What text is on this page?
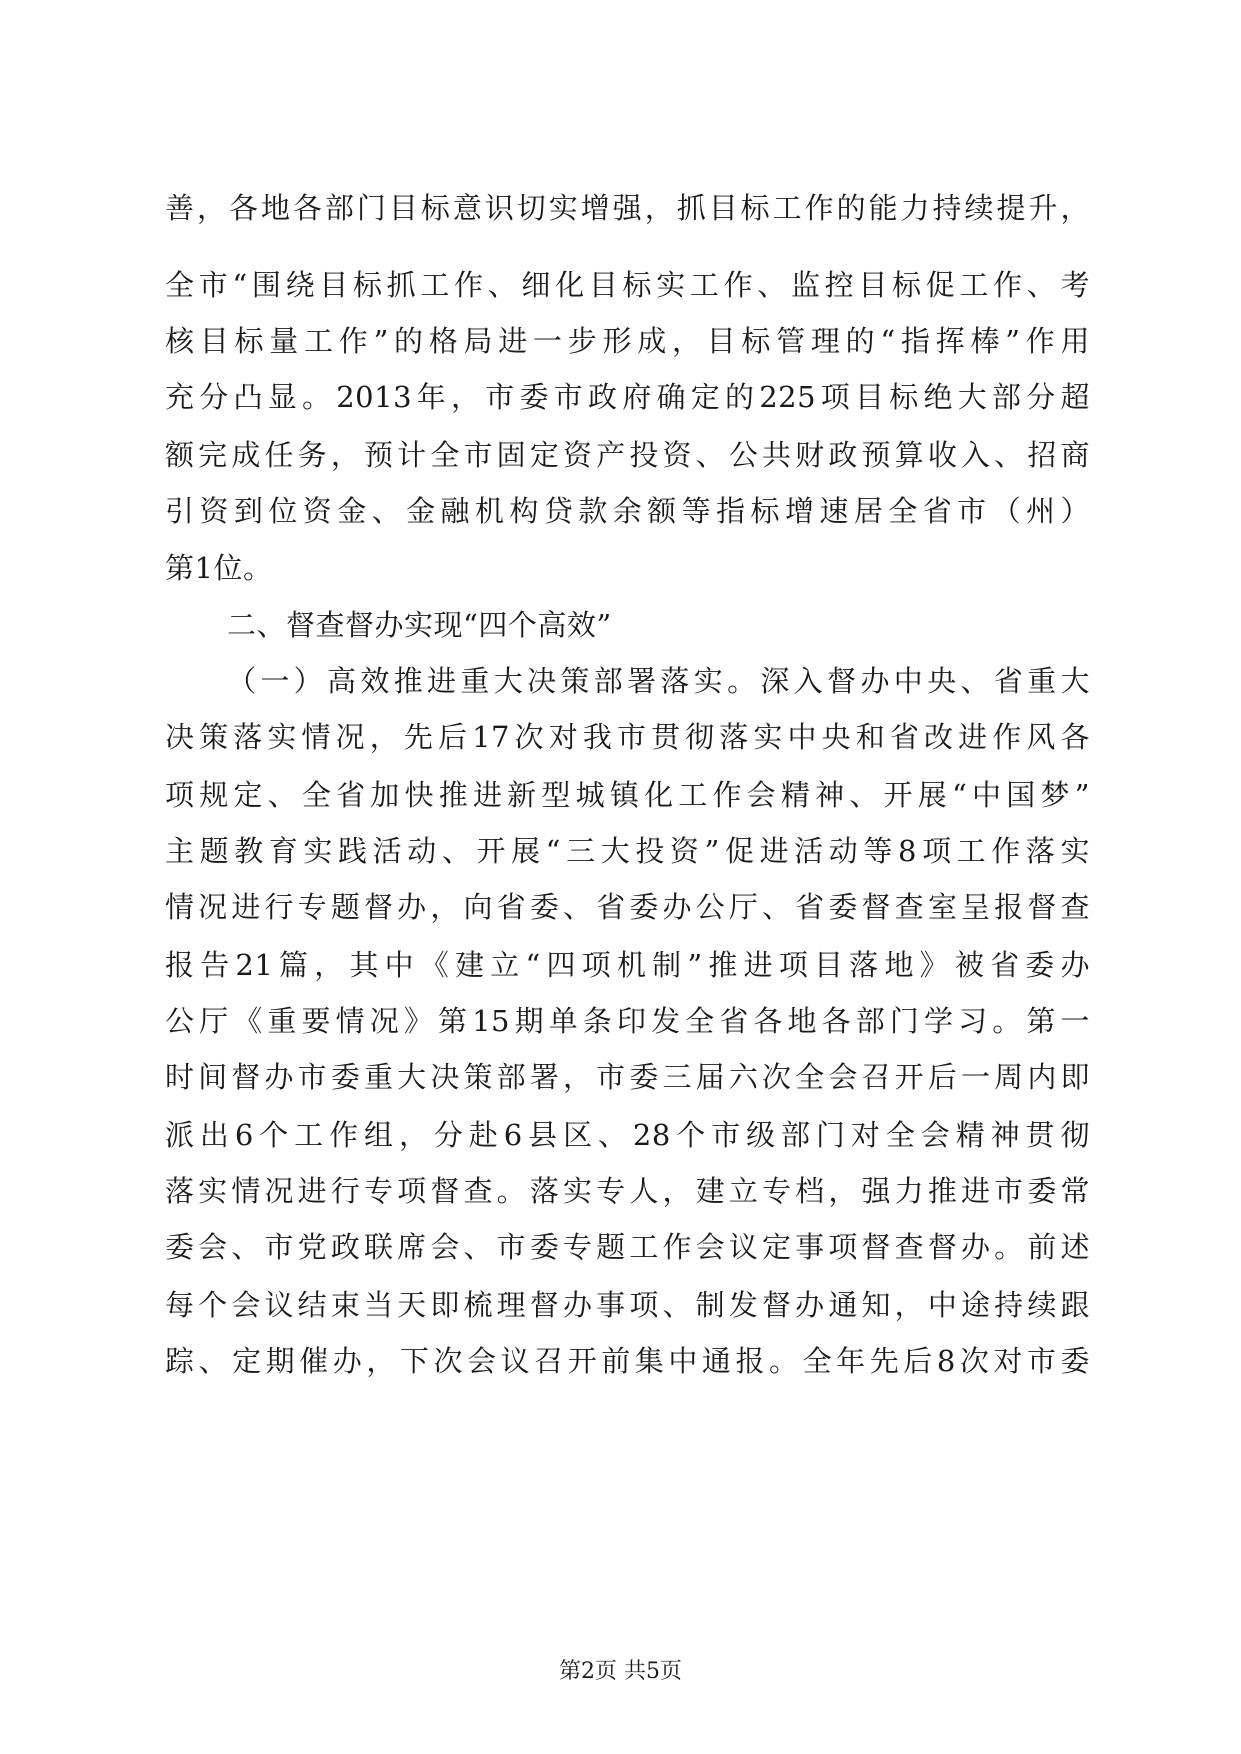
善，各地各部门目标意识切实增强，抓目标工作的能力持续提升，
全市“围绕目标抓工作、细化目标实工作、监控目标促工作、考
核目标量工作”的格局进一步形成，目标管理的“指挥棒”作用
充分凸显。2013年，市委市政府确定的225项目标绝大部分超
额完成任务，预计全市固定资产投资、公共财政预算收入、招商
引资到位资金、金融机构贷款余额等指标增速居全省市（州）
第1位。
二、督查督办实现“四个高效”
（一）高效推进重大决策部署落实。深入督办中央、省重大
决策落实情况，先后17次对我市贯彻落实中央和省改进作风各
项规定、全省加快推进新型城镇化工作会精神、开展“中国梦”
主题教育实践活动、开展“三大投资”促进活动等8项工作落实
情况进行专题督办，向省委、省委办公厅、省委督查室呈报督查
报告21篇，其中《建立“四项机制”推进项目落地》被省委办
公厅《重要情况》第15期单条印发全省各地各部门学习。第一
时间督办市委重大决策部署，市委三届六次全会召开后一周内即
派出6个工作组，分赴6县区、28个市级部门对全会精神贯彻
落实情况进行专项督查。落实专人，建立专档，强力推进市委常
委会、市党政联席会、市委专题工作会议定事项督查督办。前述
每个会议结束当天即梳理督办事项、制发督办通知，中途持续跟
踪、定期催办，下次会议召开前集中通报。全年先后8次对市委
第2页 共5页
